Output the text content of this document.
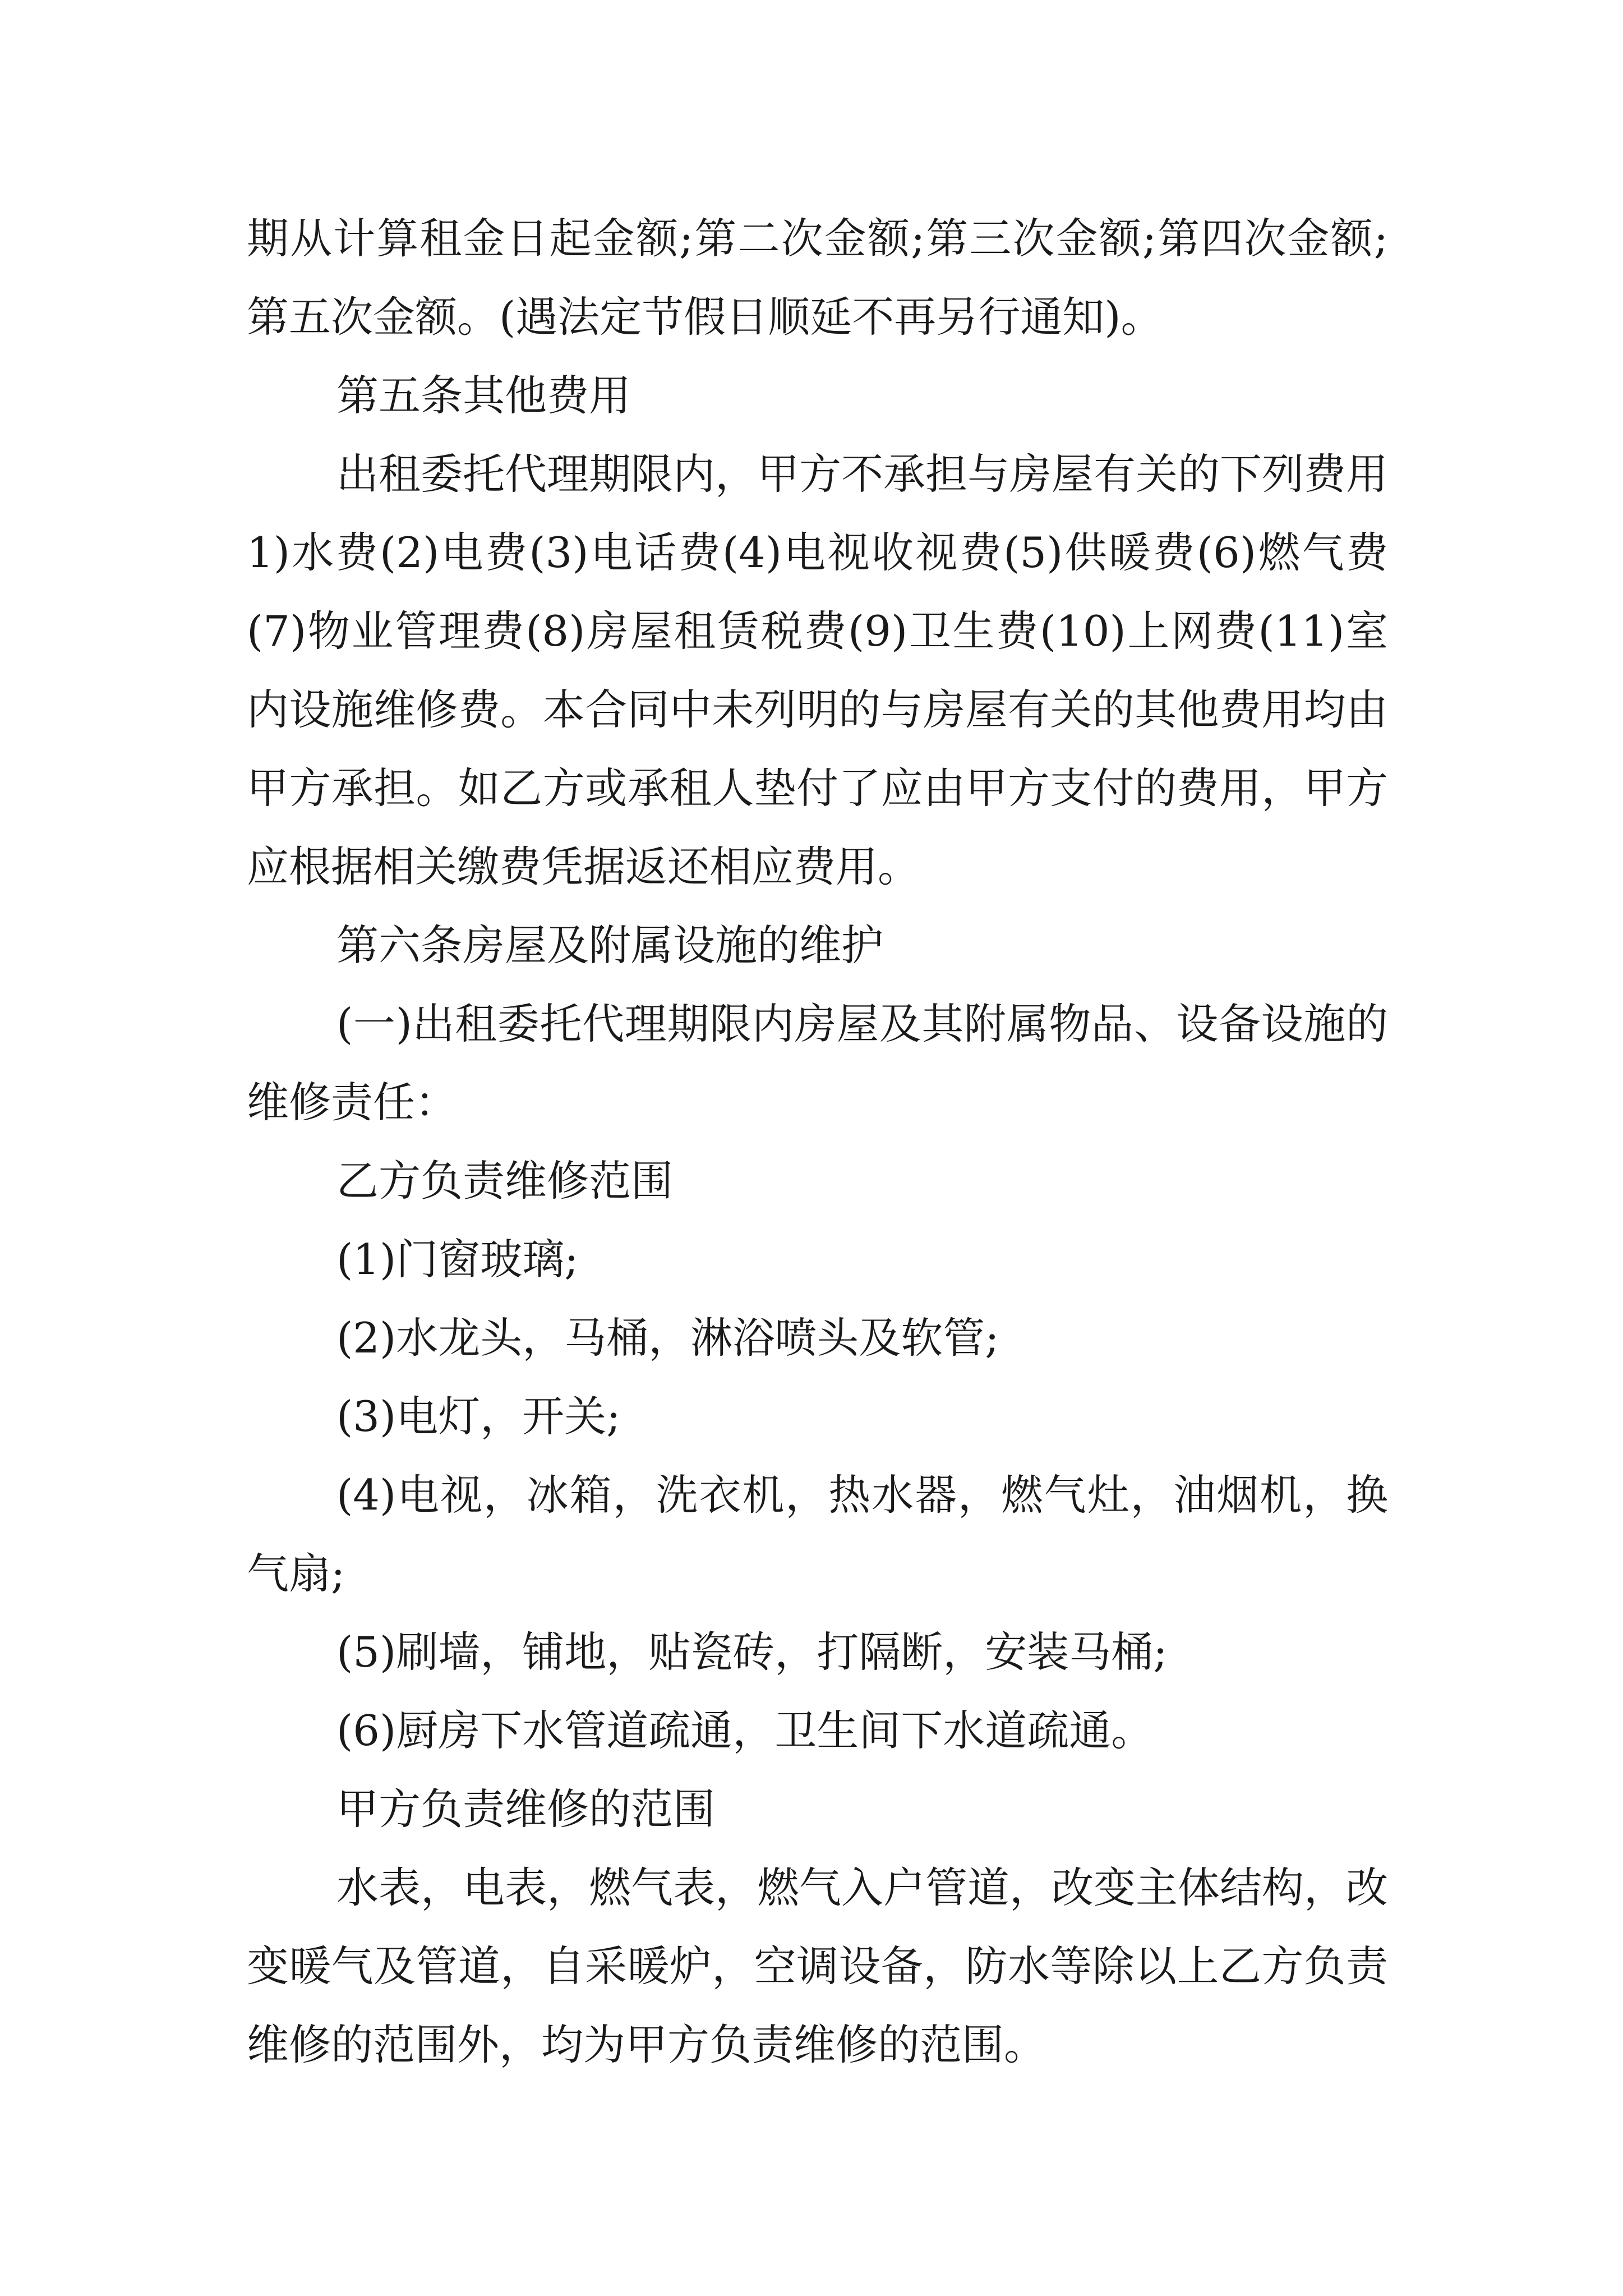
期从计算租金日起金额;第二次金额;第三次金额;第四次金额;第五次金额。(遇法定节假日顺延不再另行通知)。

第五条其他费用

出租委托代理期限内，甲方不承担与房屋有关的下列费用 1)水费(2)电费(3)电话费(4)电视收视费(5)供暖费(6)燃气费(7)物业管理费(8)房屋租赁税费(9)卫生费(10)上网费(11)室内设施维修费。本合同中未列明的与房屋有关的其他费用均由甲方承担。如乙方或承租人垫付了应由甲方支付的费用，甲方应根据相关缴费凭据返还相应费用。

第六条房屋及附属设施的维护

(一)出租委托代理期限内房屋及其附属物品、设备设施的维修责任：

乙方负责维修范围

(1)门窗玻璃;

(2)水龙头，马桶，淋浴喷头及软管;

(3)电灯，开关;

(4)电视，冰箱，洗衣机，热水器，燃气灶，油烟机，换气扇;

(5)刷墙，铺地，贴瓷砖，打隔断，安装马桶;

(6)厨房下水管道疏通，卫生间下水道疏通。

甲方负责维修的范围

水表，电表，燃气表，燃气入户管道，改变主体结构，改变暖气及管道，自采暖炉，空调设备，防水等除以上乙方负责维修的范围外，均为甲方负责维修的范围。
